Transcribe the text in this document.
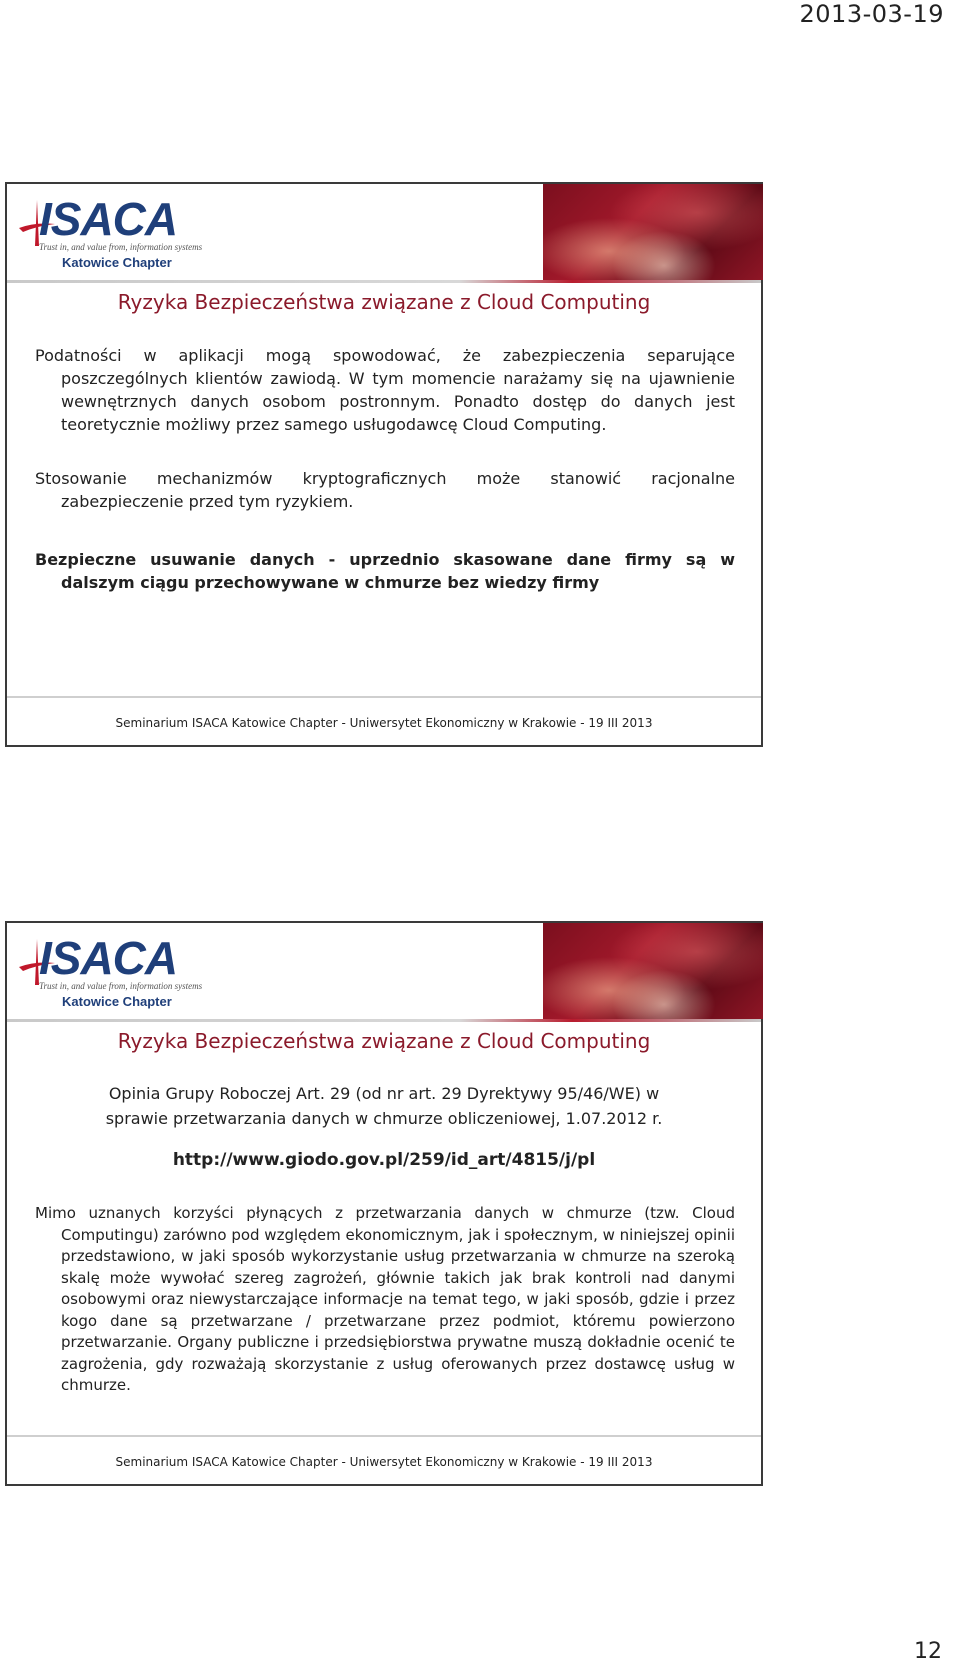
2013-03-19
ISACA
Trust in, and value from, information systems
Katowice Chapter
Ryzyka Bezpieczeństwa związane z Cloud Computing
Podatności w aplikacji mogą spowodować, że zabezpieczenia separujące poszczególnych klientów zawiodą. W tym momencie narażamy się na ujawnienie wewnętrznych danych osobom postronnym. Ponadto dostęp do danych jest teoretycznie możliwy przez samego usługodawcę Cloud Computing.
Stosowanie mechanizmów kryptograficznych może stanowić racjonalne zabezpieczenie przed tym ryzykiem.
Bezpieczne usuwanie danych - uprzednio skasowane dane firmy są w dalszym ciągu przechowywane w chmurze bez wiedzy firmy
Seminarium ISACA Katowice Chapter - Uniwersytet Ekonomiczny w Krakowie - 19 III 2013
ISACA
Trust in, and value from, information systems
Katowice Chapter
Ryzyka Bezpieczeństwa związane z Cloud Computing
Opinia Grupy Roboczej Art. 29 (od nr art. 29 Dyrektywy 95/46/WE) w sprawie przetwarzania danych w chmurze obliczeniowej, 1.07.2012 r.
http://www.giodo.gov.pl/259/id_art/4815/j/pl
Mimo uznanych korzyści płynących z przetwarzania danych w chmurze (tzw. Cloud Computingu) zarówno pod względem ekonomicznym, jak i społecznym, w niniejszej opinii przedstawiono, w jaki sposób wykorzystanie usług przetwarzania w chmurze na szeroką skalę może wywołać szereg zagrożeń, głównie takich jak brak kontroli nad danymi osobowymi oraz niewystarczające informacje na temat tego, w jaki sposób, gdzie i przez kogo dane są przetwarzane / przetwarzane przez podmiot, któremu powierzono przetwarzanie. Organy publiczne i przedsiębiorstwa prywatne muszą dokładnie ocenić te zagrożenia, gdy rozważają skorzystanie z usług oferowanych przez dostawcę usług w chmurze.
Seminarium ISACA Katowice Chapter - Uniwersytet Ekonomiczny w Krakowie - 19 III 2013
12
